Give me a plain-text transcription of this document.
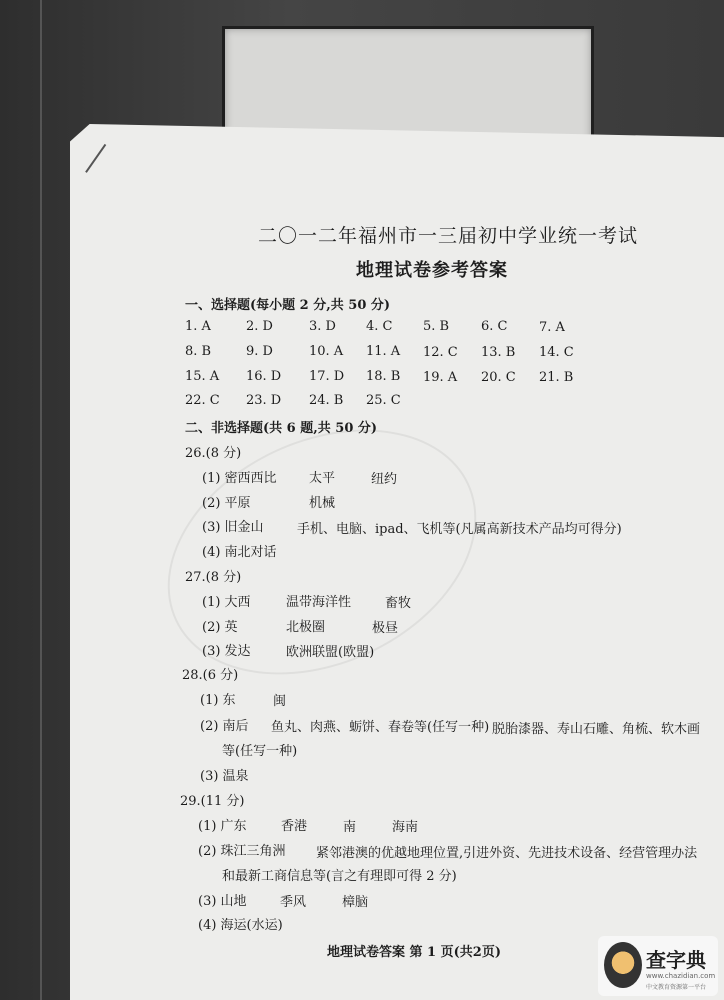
二〇一二年福州市一三届初中学业统一考试
地理试卷参考答案
一、选择题(每小题 2 分,共 50 分)
1. A	2. D	3. D 4. C 5. B 6. C 7. A
8. B	9. D	10. A 11. A 12. C 13. B 14. C
15. A 16. D 17. D 18. B 19. A 20. C 21. B
22. C 23. D 24. B 25. C
二、非选择题(共 6 题,共 50 分)
26.(8 分)
(1) 密西西比 太平	纽约
(2) 平原	机械
(3) 旧金山	手机、电脑、ipad、飞机等(凡属高新技术产品均可得分)
(4) 南北对话
27.(8 分)
(1) 大西	温带海洋性	畜牧
(2) 英	北极圈	极昼
(3) 发达	欧洲联盟(欧盟)
28.(6 分)
(1) 东	闽
(2) 南后 鱼丸、肉燕、蛎饼、春卷等(任写一种) 脱胎漆器、寿山石雕、角梳、软木画
等(任写一种)
(3) 温泉
29.(11 分)
(1) 广东	香港	南	海南
(2) 珠江三角洲 紧邻港澳的优越地理位置,引进外资、先进技术设备、经营管理办法
和最新工商信息等(言之有理即可得 2 分)
(3) 山地	季风	樟脑
(4) 海运(水运)
地理试卷答案 第 1 页(共2页)	查字典
www.chazidian.com
中文教育资源第一平台
